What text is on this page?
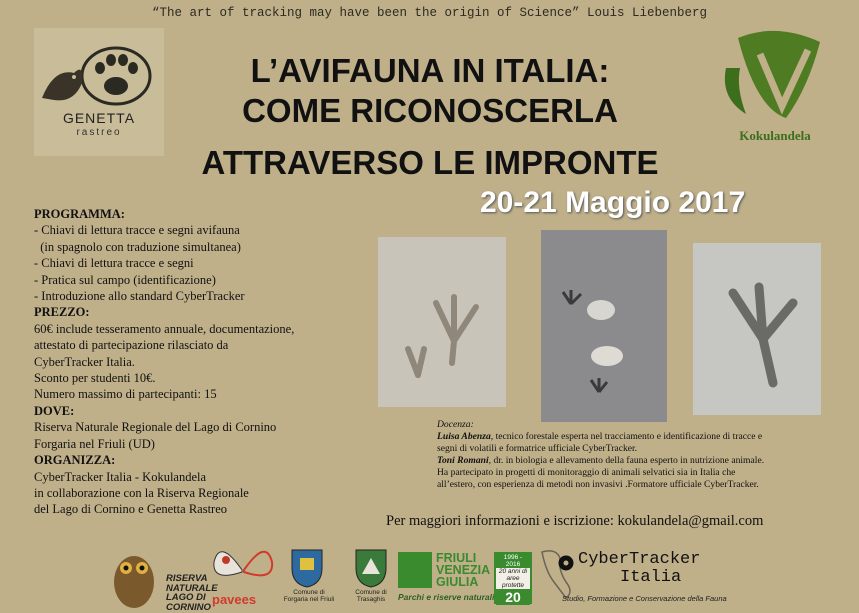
“The art of tracking may have been the origin of Science” Louis Liebenberg
GENETTA
rastreo	Kokulandela
L’AVIFAUNA IN ITALIA:
COME RICONOSCERLA
ATTRAVERSO LE IMPRONTE
20-21 Maggio 2017
PROGRAMMA:
- Chiavi di lettura tracce e segni avifauna
(in spagnolo con traduzione simultanea)
- Chiavi di lettura tracce e segni
- Pratica sul campo (identificazione)
- Introduzione allo standard CyberTracker
PREZZO:
60€ include tesseramento annuale, documentazione,
attestato di partecipazione rilasciato da
CyberTracker Italia.
Sconto per studenti 10€.
Numero massimo di partecipanti: 15
DOVE:
Riserva Naturale Regionale del Lago di Cornino
Forgaria nel Friuli (UD)
ORGANIZZA:
CyberTracker Italia - Kokulandela
in collaborazione con la Riserva Regionale
del Lago di Cornino e Genetta Rastreo
Docenza:
Luisa Abenza, tecnico forestale esperta nel tracciamento e identificazione di tracce e segni di volatili e formatrice ufficiale CyberTracker.
Toni Romani, dr. in biologia e allevamento della fauna esperto in nutrizione animale. Ha partecipato in progetti di monitoraggio di animali selvatici sia in Italia che all’estero, con esperienza di metodi non invasivi .Formatore ufficiale CyberTracker.
Per maggiori informazioni e iscrizione: kokulandela@gmail.com
RISERVA
NATURALE
LAGO DI
CORNINO pavees	Comune di
Forgaria nel Friuli
Comune di
Trasaghis
FRIULI
VENEZIA
GIULIA
1996 - 2016
20 anni di
aree protette
20
Parchi e riserve naturali
CyberTracker
Italia
Studio, Formazione e Conservazione della Fauna
